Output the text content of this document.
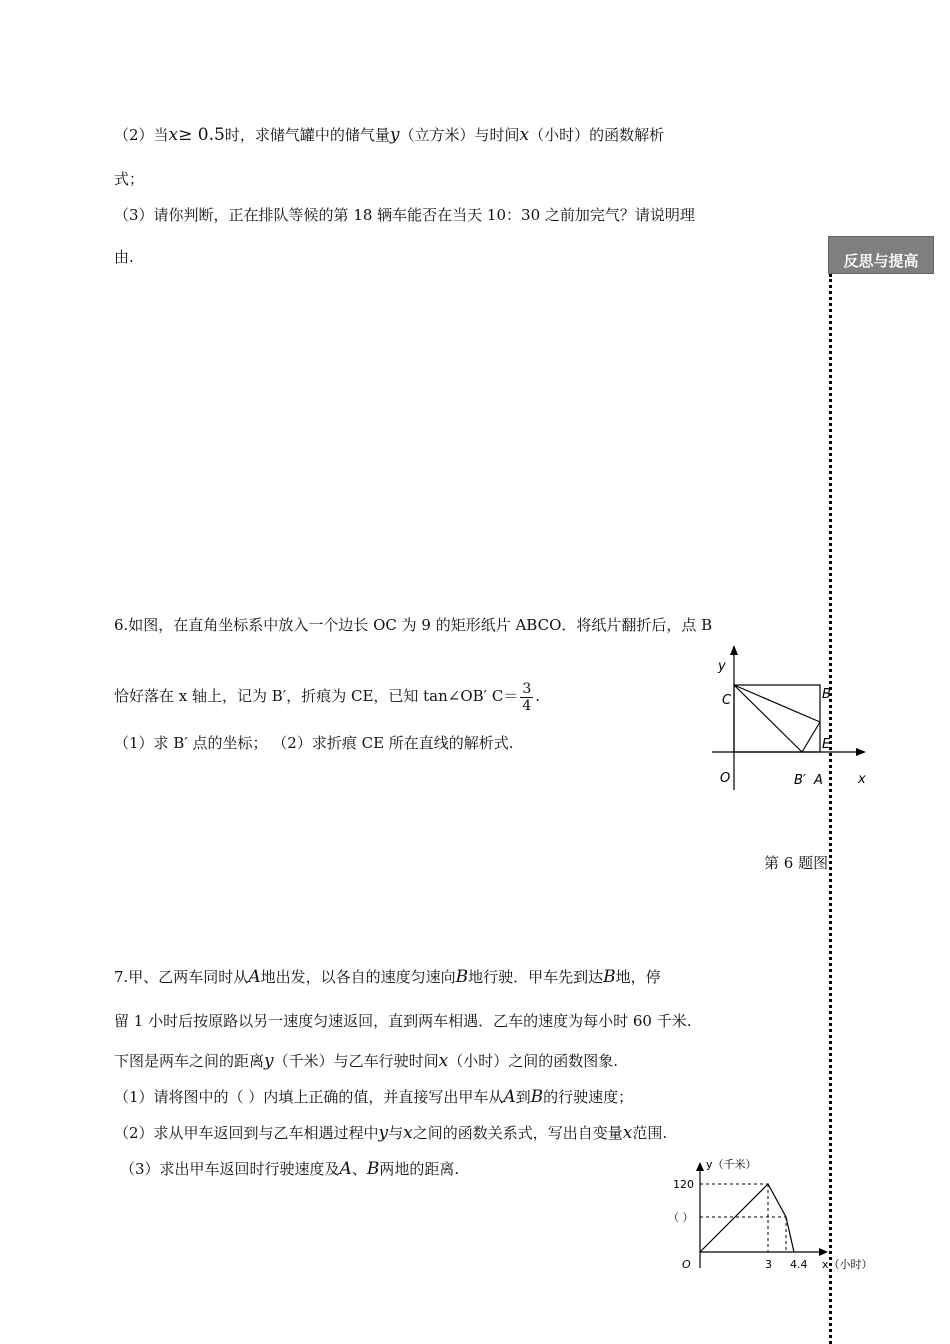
（2）当x≥ 0.5时，求储气罐中的储气量y（立方米）与时间x（小时）的函数解析
式；
（3）请你判断，正在排队等候的第 18 辆车能否在当天 10：30 之前加完气？请说明理
由.	反思与提高
6.如图，在直角坐标系中放入一个边长 OC 为 9 的矩形纸片 ABCO．将纸片翻折后，点 B
恰好落在 x 轴上，记为 B′，折痕为 CE，已知 tan∠OB′ $C= \frac{3}{4}$ .
（1）求 B′ 点的坐标； （2）求折痕 CE 所在直线的解析式.
y
x
C	B
E
O	B′ A
第 6 题图
7.甲、乙两车同时从A地出发，以各自的速度匀速向B地行驶．甲车先到达B地，停
留 1 小时后按原路以另一速度匀速返回，直到两车相遇．乙车的速度为每小时 60 千米.
下图是两车之间的距离y（千米）与乙车行驶时间x（小时）之间的函数图象.
（1）请将图中的（ ）内填上正确的值，并直接写出甲车从A到B的行驶速度；
（2）求从甲车返回到与乙车相遇过程中y与x之间的函数关系式，写出自变量x范围.
（3）求出甲车返回时行驶速度及A、B两地的距离.	y（千米）
120
（ ）
O	3 4.4 x（小时）
